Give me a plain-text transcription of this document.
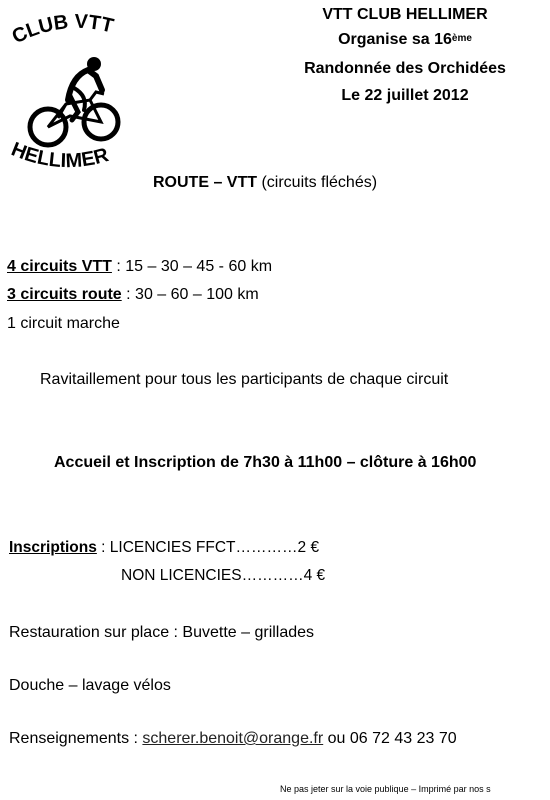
CLUB VTT
HELLIMER
VTT CLUB HELLIMER
Organise sa 16ème
Randonnée des Orchidées
Le 22 juillet 2012
ROUTE – VTT (circuits fléchés)
4 circuits VTT : 15 – 30 – 45 - 60 km
3 circuits route : 30 – 60 – 100 km
1 circuit marche
Ravitaillement pour tous les participants de chaque circuit
Accueil et Inscription de 7h30 à 11h00 – clôture à 16h00
Inscriptions : LICENCIES FFCT…………2 €
NON LICENCIES…………4 €
Restauration sur place : Buvette – grillades
Douche – lavage vélos
Renseignements : scherer.benoit@orange.fr ou 06 72 43 23 70
Ne pas jeter sur la voie publique – Imprimé par nos s
